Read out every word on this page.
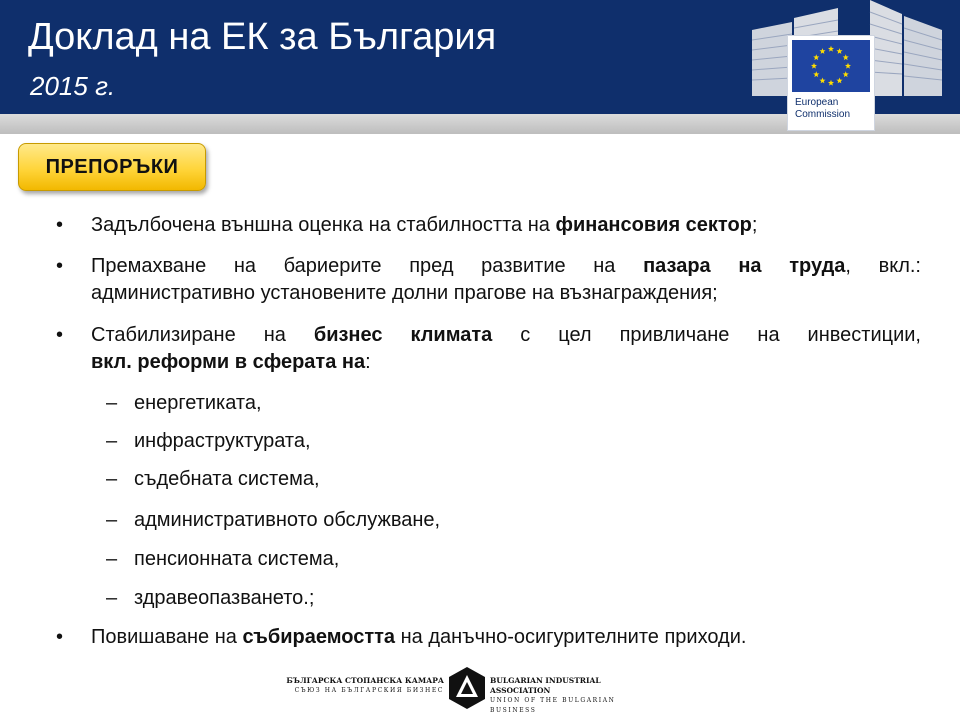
Доклад на ЕК за България
2015 г.
European
Commission
ПРЕПОРЪКИ
• Задълбочена външна оценка на стабилността на финансовия сектор;
• Премахване на бариерите пред развитие на пазара на труда, вкл.:
административно установените долни прагове на възнаграждения;
• Стабилизиране на бизнес климата с цел привличане на инвестиции,
вкл. реформи в сферата на:
– енергетиката,
– инфраструктурата,
– съдебната система,
– административното обслужване,
– пенсионната система,
– здравеопазването.;
• Повишаване на събираемостта на данъчно-осигурителните приходи.
БЪЛГАРСКА СТОПАНСКА КАМАРА
СЪЮЗ НА БЪЛГАРСКИЯ БИЗНЕС
BULGARIAN INDUSTRIAL ASSOCIATION
UNION OF THE BULGARIAN BUSINESS
